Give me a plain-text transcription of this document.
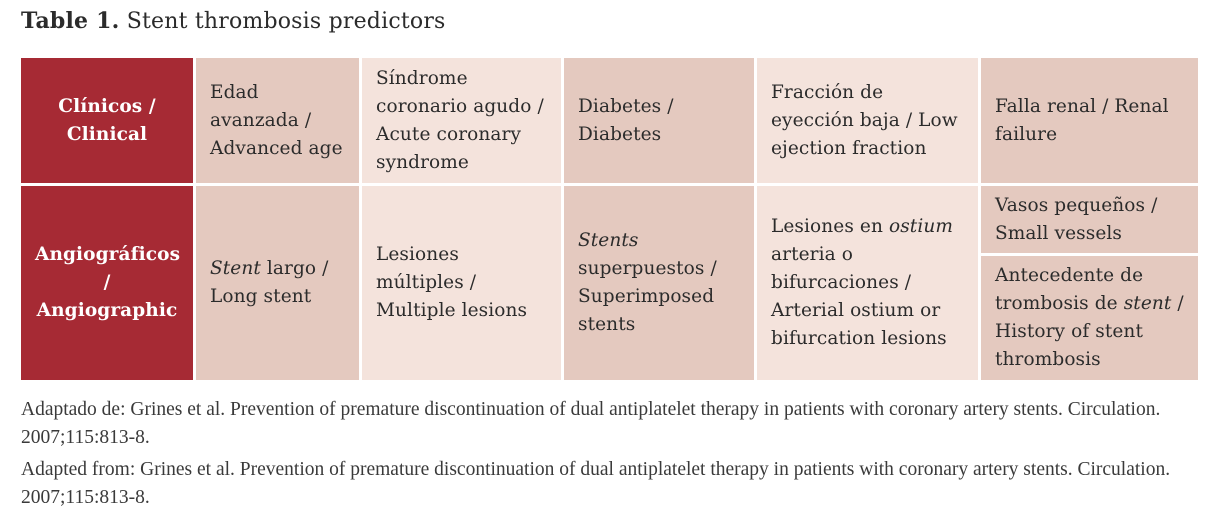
Table 1. Stent thrombosis predictors
Clínicos /
Clinical	Edad avanzada / Advanced age	Síndrome coronario agudo / Acute coronary syndrome	Diabetes / Diabetes	Fracción de eyección baja / Low ejection fraction	Falla renal / Renal failure

Angiográficos
/
Angiographic	Stent largo / Long stent	Lesiones múltiples / Multiple lesions	Stents superpuestos / Superimposed stents	Lesiones en ostium arteria o bifurcaciones / Arterial ostium or bifurcation lesions	Vasos pequeños / Small vessels
					Antecedente de trombosis de stent / History of stent thrombosis
Adaptado de: Grines et al. Prevention of premature discontinuation of dual antiplatelet therapy in patients with coronary artery stents. Circulation. 2007;115:813-8.
Adapted from: Grines et al. Prevention of premature discontinuation of dual antiplatelet therapy in patients with coronary artery stents. Circulation. 2007;115:813-8.
